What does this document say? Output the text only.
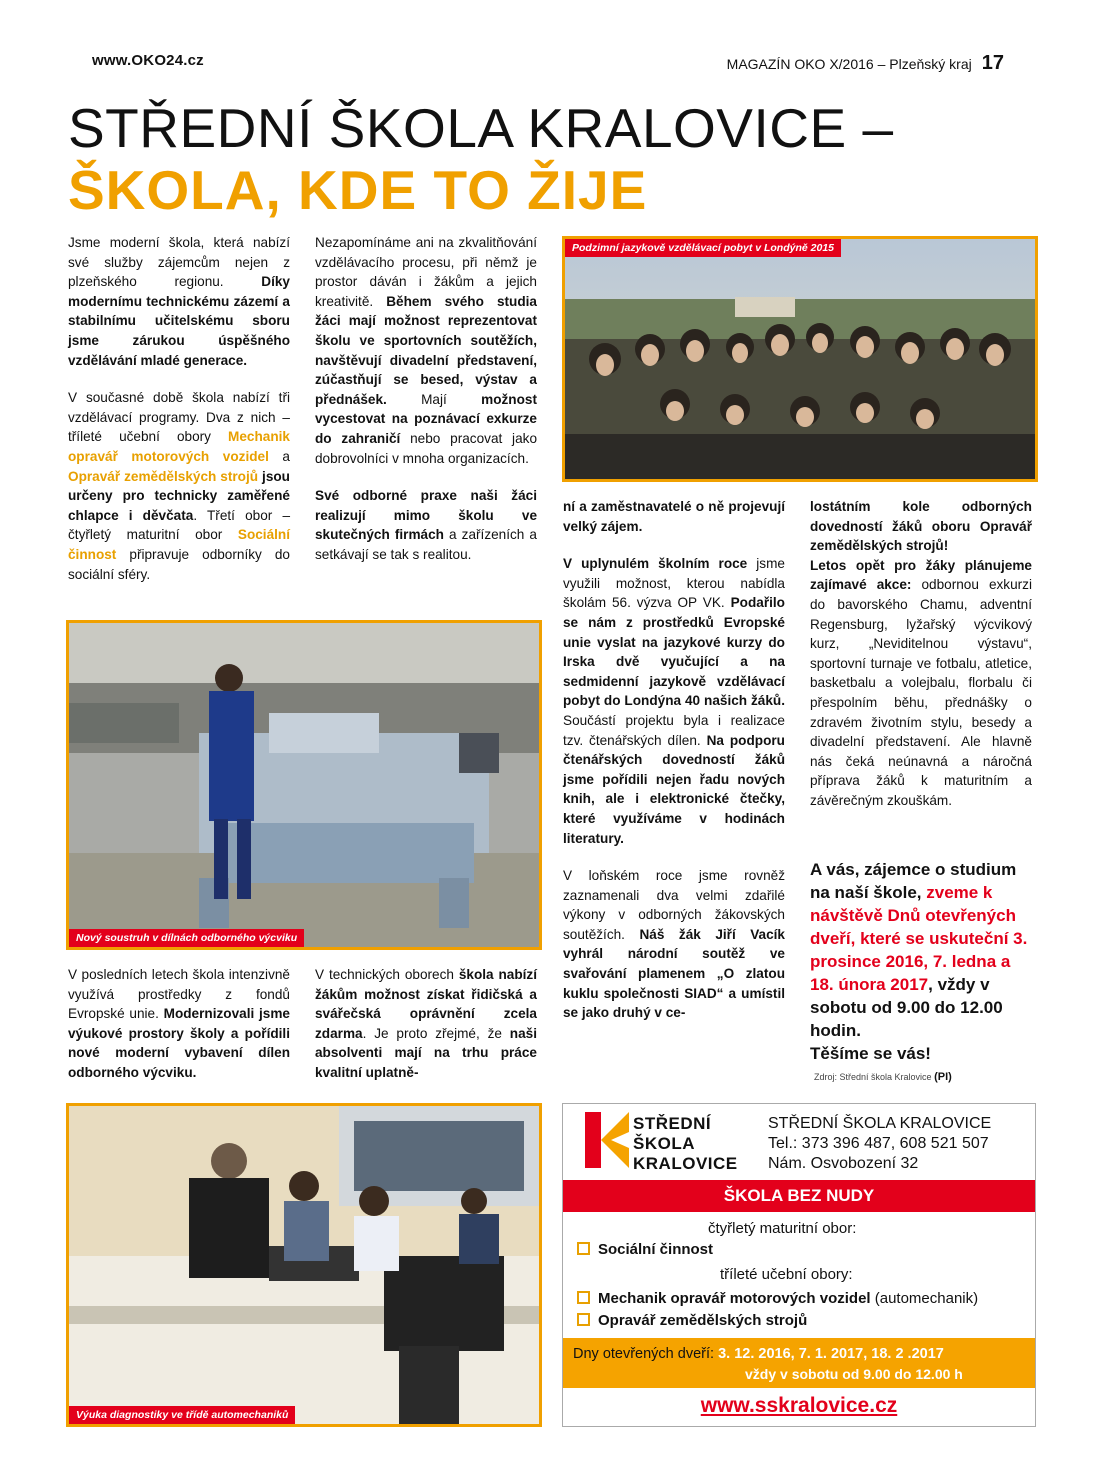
www.OKO24.cz	MAGAZÍN OKO X/2016 – Plzeňský kraj 17
STŘEDNÍ ŠKOLA KRALOVICE –
ŠKOLA, KDE TO ŽIJE

Jsme moderní škola, která nabízí své služby zájemcům nejen z plzeňského regionu. Díky modernímu technickému zázemí a stabilnímu učitelskému sboru jsme zárukou úspěšného vzdělávání mladé generace.

V současné době škola nabízí tři vzdělávací programy. Dva z nich – tříleté učební obory Mechanik opravář motorových vozidel a Opravář zemědělských strojů jsou určeny pro technicky zaměřené chlapce i děvčata. Třetí obor – čtyřletý maturitní obor Sociální činnost připravuje odborníky do sociální sféry.

Nezapomínáme ani na zkvalitňování vzdělávacího procesu, při němž je prostor dáván i žákům a jejich kreativitě. Během svého studia žáci mají možnost reprezentovat školu ve sportovních soutěžích, navštěvují divadelní představení, zúčastňují se besed, výstav a přednášek. Mají možnost vycestovat na poznávací exkurze do zahraničí nebo pracovat jako dobrovolníci v mnoha organizacích.

Své odborné praxe naši žáci realizují mimo školu ve skutečných firmách a zařízeních a setkávají se tak s realitou.

Podzimní jazykově vzdělávací pobyt v Londýně 2015

ní a zaměstnavatelé o ně projevují velký zájem.

V uplynulém školním roce jsme využili možnost, kterou nabídla školám 56. výzva OP VK. Podařilo se nám z prostředků Evropské unie vyslat na jazykové kurzy do Irska dvě vyučující a na sedmidenní jazykově vzdělávací pobyt do Londýna 40 našich žáků. Součástí projektu byla i realizace tzv. čtenářských dílen. Na podporu čtenářských dovedností žáků jsme pořídili nejen řadu nových knih, ale i elektronické čtečky, které využíváme v hodinách literatury.

V loňském roce jsme rovněž zaznamenali dva velmi zdařilé výkony v odborných žákovských soutěžích. Náš žák Jiří Vacík vyhrál národní soutěž ve svařování plamenem „O zlatou kuklu společnosti SIAD“ a umístil se jako druhý v ce-

lostátním kole odborných dovedností žáků oboru Opravář zemědělských strojů!
Letos opět pro žáky plánujeme zajímavé akce: odbornou exkurzi do bavorského Chamu, adventní Regensburg, lyžařský výcvikový kurz, „Neviditelnou výstavu“, sportovní turnaje ve fotbalu, atletice, basketbalu a volejbalu, florbalu či přespolním běhu, přednášky o zdravém životním stylu, besedy a divadelní představení. Ale hlavně nás čeká neúnavná a náročná příprava žáků k maturitním a závěrečným zkouškám.

Nový soustruh v dílnách odborného výcviku

V posledních letech škola intenzivně využívá prostředky z fondů Evropské unie. Modernizovali jsme výukové prostory školy a pořídili nové moderní vybavení dílen odborného výcviku.

V technických oborech škola nabízí žákům možnost získat řidičská a svářečská oprávnění zcela zdarma. Je proto zřejmé, že naši absolventi mají na trhu práce kvalitní uplatně-

A vás, zájemce o studium na naší škole, zveme k návštěvě Dnů otevřených dveří, které se uskuteční 3. prosince 2016, 7. ledna a 18. února 2017, vždy v sobotu od 9.00 do 12.00 hodin.
Těšíme se vás!
Zdroj: Střední škola Kralovice (PI)
Výuka diagnostiky ve třídě automechaniků
STŘEDNÍ
ŠKOLA
KRALOVICE
STŘEDNÍ ŠKOLA KRALOVICE
Tel.: 373 396 487, 608 521 507
Nám. Osvobození 32
ŠKOLA BEZ NUDY
čtyřletý maturitní obor:
Sociální činnost
tříleté učební obory:
Mechanik opravář motorových vozidel (automechanik)
Opravář zemědělských strojů
Dny otevřených dveří: 3. 12. 2016, 7. 1. 2017, 18. 2 .2017
vždy v sobotu od 9.00 do 12.00 h
www.sskralovice.cz
